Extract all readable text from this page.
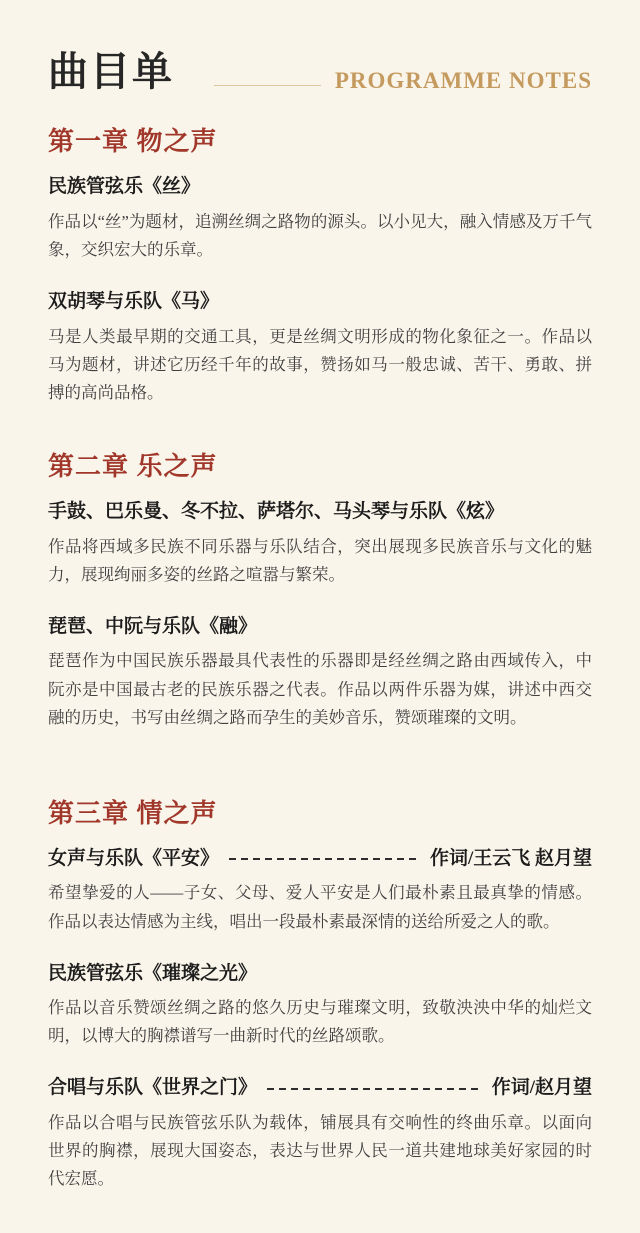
曲目单	PROGRAMME NOTES
第一章 物之声
民族管弦乐《丝》
作品以“丝”为题材，追溯丝绸之路物的源头。以小见大，融入情感及万千气象，交织宏大的乐章。
双胡琴与乐队《马》
马是人类最早期的交通工具，更是丝绸文明形成的物化象征之一。作品以马为题材，讲述它历经千年的故事，赞扬如马一般忠诚、苦干、勇敢、拼搏的高尚品格。
第二章 乐之声
手鼓、巴乐曼、冬不拉、萨塔尔、马头琴与乐队《炫》
作品将西域多民族不同乐器与乐队结合，突出展现多民族音乐与文化的魅力，展现绚丽多姿的丝路之喧嚣与繁荣。
琵琶、中阮与乐队《融》
琵琶作为中国民族乐器最具代表性的乐器即是经丝绸之路由西域传入，中阮亦是中国最古老的民族乐器之代表。作品以两件乐器为媒，讲述中西交融的历史，书写由丝绸之路而孕生的美妙音乐，赞颂璀璨的文明。
第三章 情之声
女声与乐队《平安》	作词/王云飞 赵月望
希望挚爱的人——子女、父母、爱人平安是人们最朴素且最真挚的情感。作品以表达情感为主线，唱出一段最朴素最深情的送给所爱之人的歌。
民族管弦乐《璀璨之光》
作品以音乐赞颂丝绸之路的悠久历史与璀璨文明，致敬泱泱中华的灿烂文明，以博大的胸襟谱写一曲新时代的丝路颂歌。
合唱与乐队《世界之门》	作词/赵月望
作品以合唱与民族管弦乐队为载体，铺展具有交响性的终曲乐章。以面向世界的胸襟，展现大国姿态，表达与世界人民一道共建地球美好家园的时代宏愿。
